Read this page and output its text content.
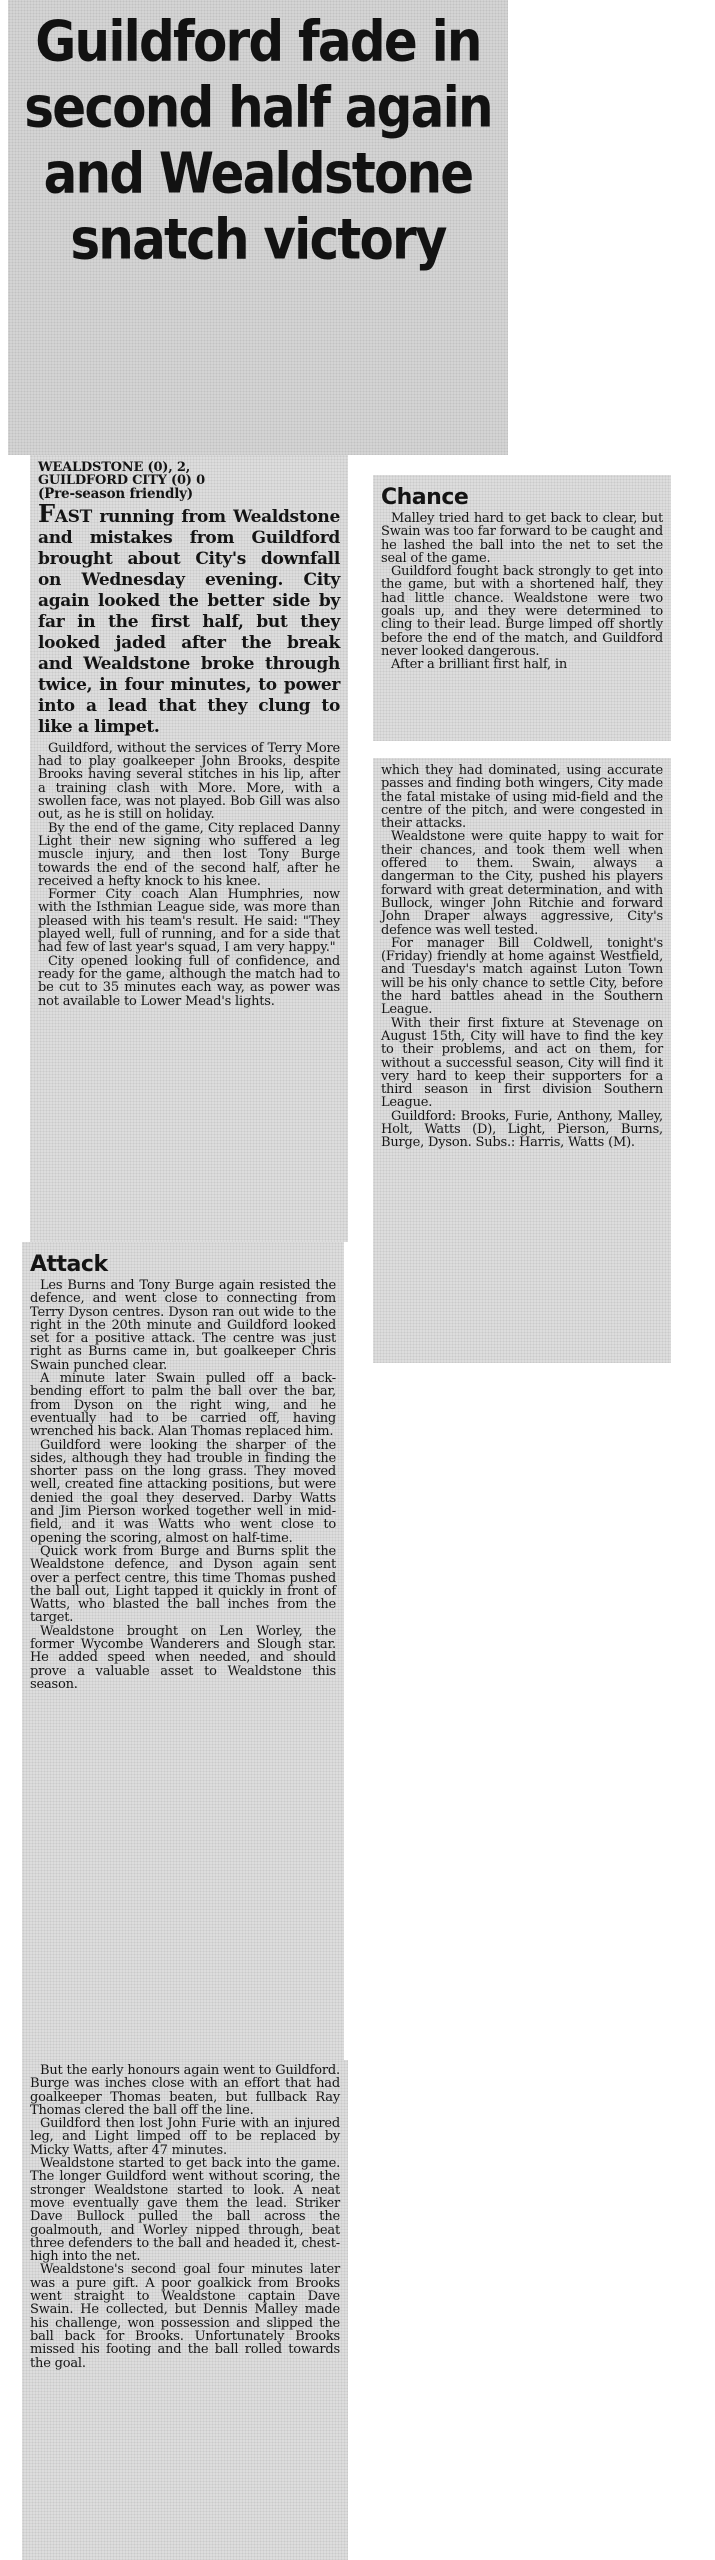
Guildford fade in second half again and Wealdstone snatch victory

WEALDSTONE (0), 2,

GUILDFORD CITY (0) 0

(Pre-season friendly)

FAST running from Wealdstone and mistakes from Guildford brought about City's downfall on Wednesday evening. City again looked the better side by far in the first half, but they looked jaded after the break and Wealdstone broke through twice, in four minutes, to power into a lead that they clung to like a limpet.

Guildford, without the services of Terry More had to play goalkeeper John Brooks, despite Brooks having several stitches in his lip, after a training clash with More. More, with a swollen face, was not played. Bob Gill was also out, as he is still on holiday.

By the end of the game, City replaced Danny Light their new signing who suffered a leg muscle injury, and then lost Tony Burge towards the end of the second half, after he received a hefty knock to his knee.

Former City coach Alan Humphries, now with the Isthmian League side, was more than pleased with his team's result. He said: "They played well, full of running, and for a side that had few of last year's squad, I am very happy."

City opened looking full of confidence, and ready for the game, although the match had to be cut to 35 minutes each way, as power was not available to Lower Mead's lights.

Attack

Les Burns and Tony Burge again resisted the defence, and went close to connecting from Terry Dyson centres. Dyson ran out wide to the right in the 20th minute and Guildford looked set for a positive attack. The centre was just right as Burns came in, but goalkeeper Chris Swain punched clear.

A minute later Swain pulled off a back-bending effort to palm the ball over the bar, from Dyson on the right wing, and he eventually had to be carried off, having wrenched his back. Alan Thomas replaced him.

Guildford were looking the sharper of the sides, although they had trouble in finding the shorter pass on the long grass. They moved well, created fine attacking positions, but were denied the goal they deserved. Darby Watts and Jim Pierson worked together well in mid-field, and it was Watts who went close to opening the scoring, almost on half-time.

Quick work from Burge and Burns split the Wealdstone defence, and Dyson again sent over a perfect centre, this time Thomas pushed the ball out, Light tapped it quickly in front of Watts, who blasted the ball inches from the target.

Wealdstone brought on Len Worley, the former Wycombe Wanderers and Slough star. He added speed when needed, and should prove a valuable asset to Wealdstone this season.

But the early honours again went to Guildford. Burge was inches close with an effort that had goalkeeper Thomas beaten, but fullback Ray Thomas clered the ball off the line.

Guildford then lost John Furie with an injured leg, and Light limped off to be replaced by Micky Watts, after 47 minutes.

Wealdstone started to get back into the game. The longer Guildford went without scoring, the stronger Wealdstone started to look. A neat move eventually gave them the lead. Striker Dave Bullock pulled the ball across the goalmouth, and Worley nipped through, beat three defenders to the ball and headed it, chest-high into the net.

Wealdstone's second goal four minutes later was a pure gift. A poor goalkick from Brooks went straight to Wealdstone captain Dave Swain. He collected, but Dennis Malley made his challenge, won possession and slipped the ball back for Brooks. Unfortunately Brooks missed his footing and the ball rolled towards the goal.

Chance

Malley tried hard to get back to clear, but Swain was too far forward to be caught and he lashed the ball into the net to set the seal of the game.

Guildford fought back strongly to get into the game, but with a shortened half, they had little chance. Wealdstone were two goals up, and they were determined to cling to their lead. Burge limped off shortly before the end of the match, and Guildford never looked dangerous.

After a brilliant first half, in

which they had dominated, using accurate passes and finding both wingers, City made the fatal mistake of using mid-field and the centre of the pitch, and were congested in their attacks.

Wealdstone were quite happy to wait for their chances, and took them well when offered to them. Swain, always a dangerman to the City, pushed his players forward with great determination, and with Bullock, winger John Ritchie and forward John Draper always aggressive, City's defence was well tested.

For manager Bill Coldwell, tonight's (Friday) friendly at home against Westfield, and Tuesday's match against Luton Town will be his only chance to settle City, before the hard battles ahead in the Southern League.

With their first fixture at Stevenage on August 15th, City will have to find the key to their problems, and act on them, for without a successful season, City will find it very hard to keep their supporters for a third season in first division Southern League.

Guildford: Brooks, Furie, Anthony, Malley, Holt, Watts (D), Light, Pierson, Burns, Burge, Dyson. Subs.: Harris, Watts (M).
